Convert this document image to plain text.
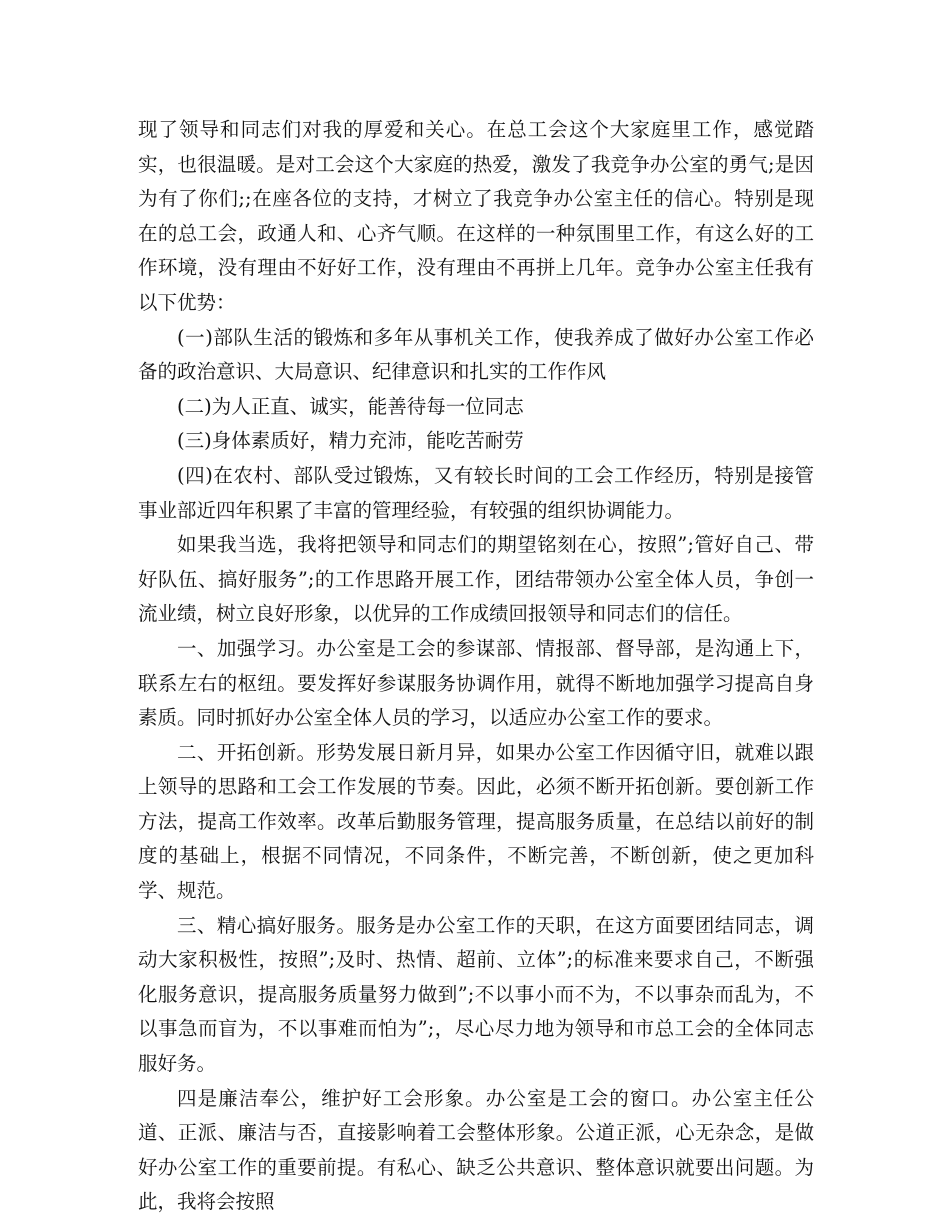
现了领导和同志们对我的厚爱和关心。在总工会这个大家庭里工作，感觉踏实，也很温暖。是对工会这个大家庭的热爱，激发了我竞争办公室的勇气;是因为有了你们;;在座各位的支持，才树立了我竞争办公室主任的信心。特别是现在的总工会，政通人和、心齐气顺。在这样的一种氛围里工作，有这么好的工作环境，没有理由不好好工作，没有理由不再拼上几年。竞争办公室主任我有以下优势：

(一)部队生活的锻炼和多年从事机关工作，使我养成了做好办公室工作必备的政治意识、大局意识、纪律意识和扎实的工作作风

(二)为人正直、诚实，能善待每一位同志

(三)身体素质好，精力充沛，能吃苦耐劳

(四)在农村、部队受过锻炼，又有较长时间的工会工作经历，特别是接管事业部近四年积累了丰富的管理经验，有较强的组织协调能力。

如果我当选，我将把领导和同志们的期望铭刻在心，按照”;管好自己、带好队伍、搞好服务”;的工作思路开展工作，团结带领办公室全体人员，争创一流业绩，树立良好形象，以优异的工作成绩回报领导和同志们的信任。

一、加强学习。办公室是工会的参谋部、情报部、督导部，是沟通上下，联系左右的枢纽。要发挥好参谋服务协调作用，就得不断地加强学习提高自身素质。同时抓好办公室全体人员的学习，以适应办公室工作的要求。

二、开拓创新。形势发展日新月异，如果办公室工作因循守旧，就难以跟上领导的思路和工会工作发展的节奏。因此，必须不断开拓创新。要创新工作方法，提高工作效率。改革后勤服务管理，提高服务质量，在总结以前好的制度的基础上，根据不同情况，不同条件，不断完善，不断创新，使之更加科学、规范。

三、精心搞好服务。服务是办公室工作的天职，在这方面要团结同志，调动大家积极性，按照”;及时、热情、超前、立体”;的标准来要求自己，不断强化服务意识，提高服务质量努力做到”;不以事小而不为，不以事杂而乱为，不以事急而盲为，不以事难而怕为”;，尽心尽力地为领导和市总工会的全体同志服好务。

四是廉洁奉公，维护好工会形象。办公室是工会的窗口。办公室主任公道、正派、廉洁与否，直接影响着工会整体形象。公道正派，心无杂念，是做好办公室工作的重要前提。有私心、缺乏公共意识、整体意识就要出问题。为此，我将会按照
